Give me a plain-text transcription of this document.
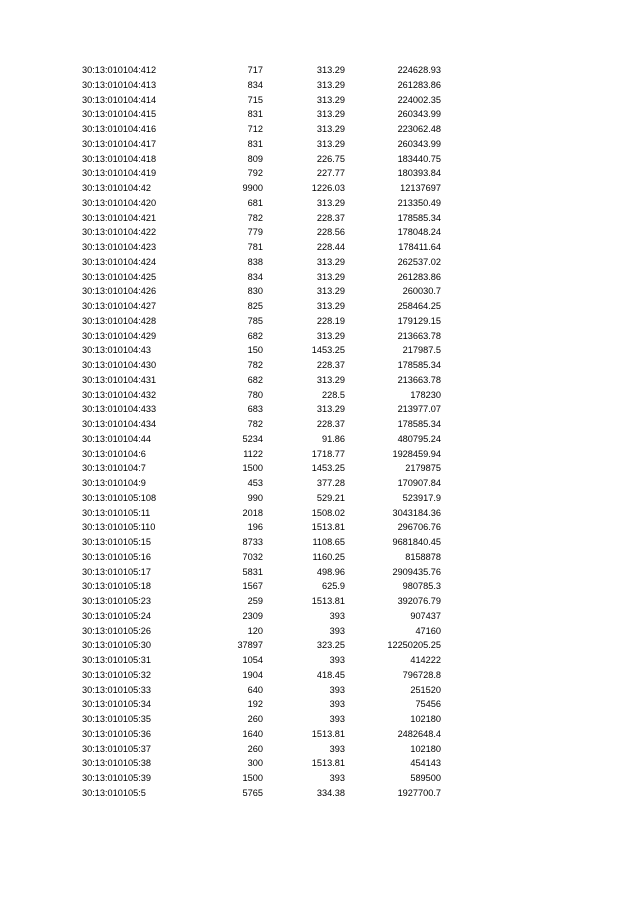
30:13:010104:412	717	313.29	224628.93
30:13:010104:413	834	313.29	261283.86
30:13:010104:414	715	313.29	224002.35
30:13:010104:415	831	313.29	260343.99
30:13:010104:416	712	313.29	223062.48
30:13:010104:417	831	313.29	260343.99
30:13:010104:418	809	226.75	183440.75
30:13:010104:419	792	227.77	180393.84
30:13:010104:42	9900	1226.03	12137697
30:13:010104:420	681	313.29	213350.49
30:13:010104:421	782	228.37	178585.34
30:13:010104:422	779	228.56	178048.24
30:13:010104:423	781	228.44	178411.64
30:13:010104:424	838	313.29	262537.02
30:13:010104:425	834	313.29	261283.86
30:13:010104:426	830	313.29	260030.7
30:13:010104:427	825	313.29	258464.25
30:13:010104:428	785	228.19	179129.15
30:13:010104:429	682	313.29	213663.78
30:13:010104:43	150	1453.25	217987.5
30:13:010104:430	782	228.37	178585.34
30:13:010104:431	682	313.29	213663.78
30:13:010104:432	780	228.5	178230
30:13:010104:433	683	313.29	213977.07
30:13:010104:434	782	228.37	178585.34
30:13:010104:44	5234	91.86	480795.24
30:13:010104:6	1122	1718.77	1928459.94
30:13:010104:7	1500	1453.25	2179875
30:13:010104:9	453	377.28	170907.84
30:13:010105:108	990	529.21	523917.9
30:13:010105:11	2018	1508.02	3043184.36
30:13:010105:110	196	1513.81	296706.76
30:13:010105:15	8733	1108.65	9681840.45
30:13:010105:16	7032	1160.25	8158878
30:13:010105:17	5831	498.96	2909435.76
30:13:010105:18	1567	625.9	980785.3
30:13:010105:23	259	1513.81	392076.79
30:13:010105:24	2309	393	907437
30:13:010105:26	120	393	47160
30:13:010105:30	37897	323.25	12250205.25
30:13:010105:31	1054	393	414222
30:13:010105:32	1904	418.45	796728.8
30:13:010105:33	640	393	251520
30:13:010105:34	192	393	75456
30:13:010105:35	260	393	102180
30:13:010105:36	1640	1513.81	2482648.4
30:13:010105:37	260	393	102180
30:13:010105:38	300	1513.81	454143
30:13:010105:39	1500	393	589500
30:13:010105:5	5765	334.38	1927700.7
